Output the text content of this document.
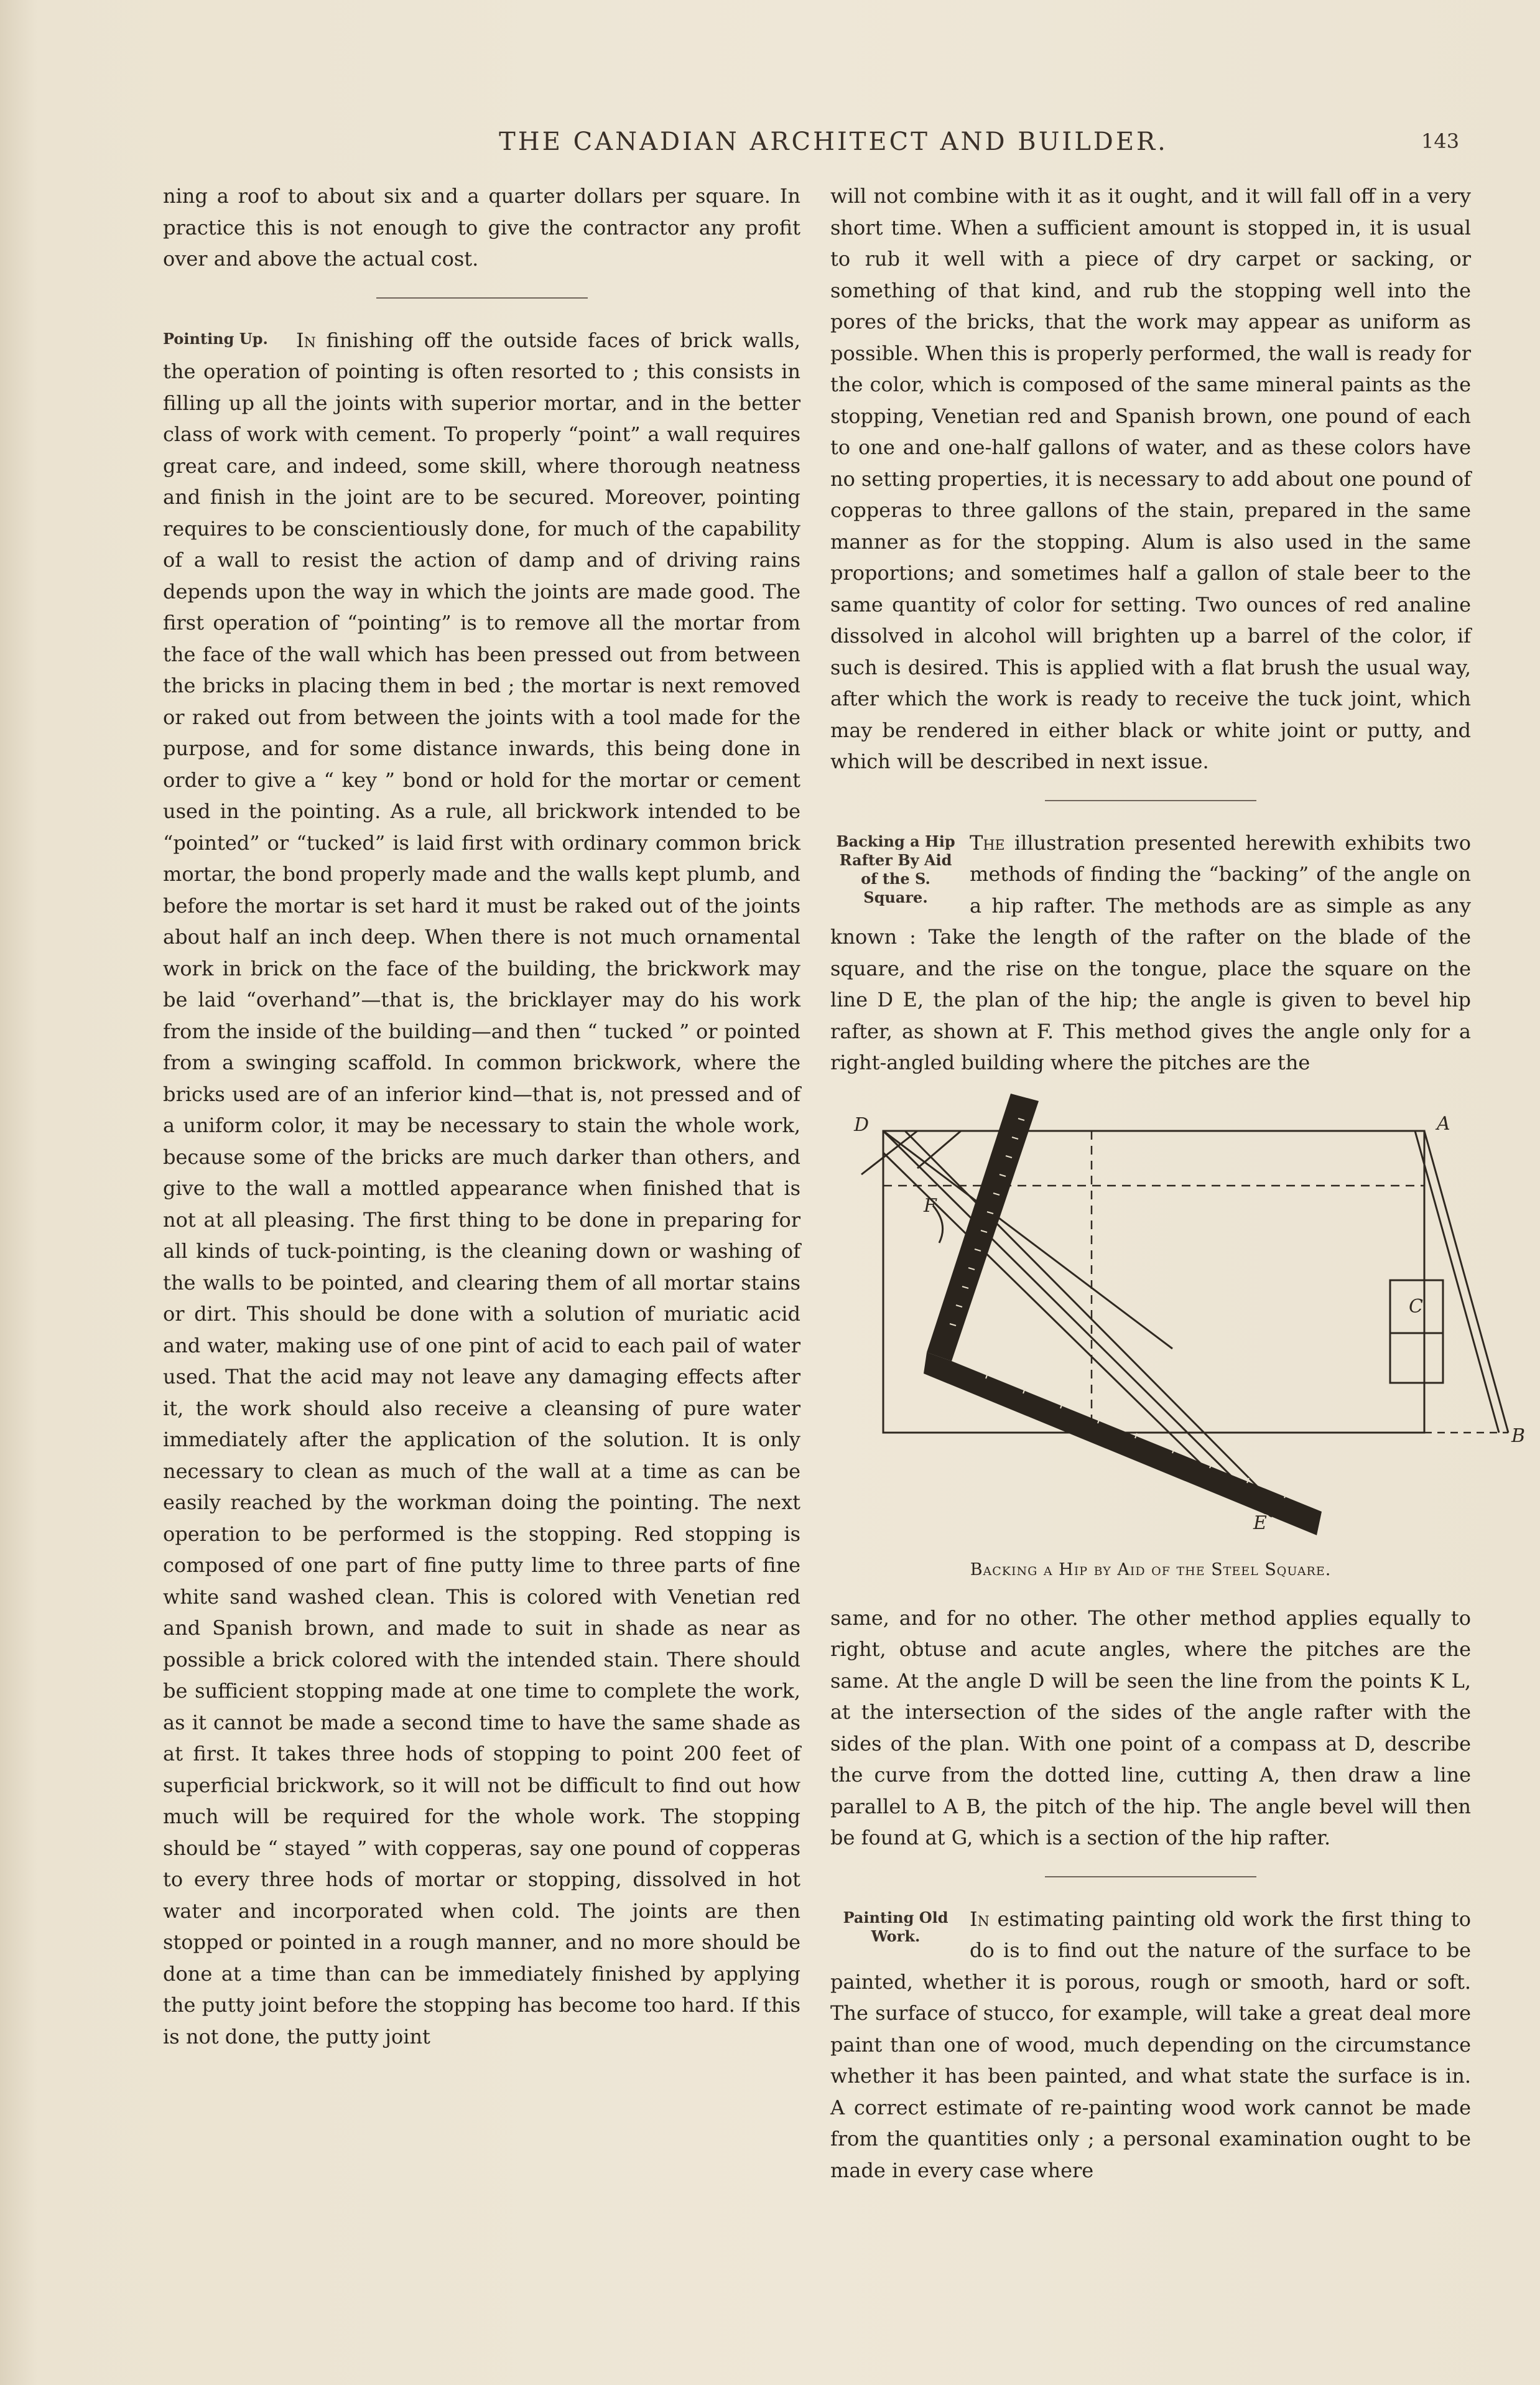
THE CANADIAN ARCHITECT AND BUILDER.	143

ning a roof to about six and a quarter dollars per square. In practice this is not enough to give the contractor any profit over and above the actual cost.

Pointing Up.	In finishing off the outside faces of brick walls, the operation of pointing is often resorted to ; this consists in filling up all the joints with superior mortar, and in the better class of work with cement. To properly “point” a wall requires great care, and indeed, some skill, where thorough neatness and finish in the joint are to be secured. Moreover, pointing requires to be conscientiously done, for much of the capability of a wall to resist the action of damp and of driving rains depends upon the way in which the joints are made good. The first operation of “pointing” is to remove all the mortar from the face of the wall which has been pressed out from between the bricks in placing them in bed ; the mortar is next removed or raked out from between the joints with a tool made for the purpose, and for some distance inwards, this being done in order to give a “ key ” bond or hold for the mortar or cement used in the pointing. As a rule, all brickwork intended to be “pointed” or “tucked” is laid first with ordinary common brick mortar, the bond properly made and the walls kept plumb, and before the mortar is set hard it must be raked out of the joints about half an inch deep. When there is not much ornamental work in brick on the face of the building, the brickwork may be laid “overhand”—that is, the bricklayer may do his work from the inside of the building—and then “ tucked ” or pointed from a swinging scaffold. In common brickwork, where the bricks used are of an inferior kind—that is, not pressed and of a uniform color, it may be necessary to stain the whole work, because some of the bricks are much darker than others, and give to the wall a mottled appearance when finished that is not at all pleasing. The first thing to be done in preparing for all kinds of tuck-pointing, is the cleaning down or washing of the walls to be pointed, and clearing them of all mortar stains or dirt. This should be done with a solution of muriatic acid and water, making use of one pint of acid to each pail of water used. That the acid may not leave any damaging effects after it, the work should also receive a cleansing of pure water immediately after the application of the solution. It is only necessary to clean as much of the wall at a time as can be easily reached by the workman doing the pointing. The next operation to be performed is the stopping. Red stopping is composed of one part of fine putty lime to three parts of fine white sand washed clean. This is colored with Venetian red and Spanish brown, and made to suit in shade as near as possible a brick colored with the intended stain. There should be sufficient stopping made at one time to complete the work, as it cannot be made a second time to have the same shade as at first. It takes three hods of stopping to point 200 feet of superficial brickwork, so it will not be difficult to find out how much will be required for the whole work. The stopping should be “ stayed ” with copperas, say one pound of copperas to every three hods of mortar or stopping, dissolved in hot water and incorporated when cold. The joints are then stopped or pointed in a rough manner, and no more should be done at a time than can be immediately finished by applying the putty joint before the stopping has become too hard. If this is not done, the putty joint

will not combine with it as it ought, and it will fall off in a very short time. When a sufficient amount is stopped in, it is usual to rub it well with a piece of dry carpet or sacking, or something of that kind, and rub the stopping well into the pores of the bricks, that the work may appear as uniform as possible. When this is properly performed, the wall is ready for the color, which is composed of the same mineral paints as the stopping, Venetian red and Spanish brown, one pound of each to one and one-half gallons of water, and as these colors have no setting properties, it is necessary to add about one pound of copperas to three gallons of the stain, prepared in the same manner as for the stopping. Alum is also used in the same proportions; and sometimes half a gallon of stale beer to the same quantity of color for setting. Two ounces of red analine dissolved in alcohol will brighten up a barrel of the color, if such is desired. This is applied with a flat brush the usual way, after which the work is ready to receive the tuck joint, which may be rendered in either black or white joint or putty, and which will be described in next issue.

Backing a Hip Rafter By Aid of the S. Square.
The illustration presented herewith exhibits two methods of finding the “backing” of the angle on a hip rafter. The methods are as simple as any known : Take the length of the rafter on the blade of the square, and the rise on the tongue, place the square on the line D E, the plan of the hip; the angle is given to bevel hip rafter, as shown at F. This method gives the angle only for a right-angled building where the pitches are the

D	A
F
C
B
E
Backing a Hip by Aid of the Steel Square.

same, and for no other. The other method applies equally to right, obtuse and acute angles, where the pitches are the same. At the angle D will be seen the line from the points K L, at the intersection of the sides of the angle rafter with the sides of the plan. With one point of a compass at D, describe the curve from the dotted line, cutting A, then draw a line parallel to A B, the pitch of the hip. The angle bevel will then be found at G, which is a section of the hip rafter.

Painting Old Work.
In estimating painting old work the first thing to do is to find out the nature of the surface to be painted, whether it is porous, rough or smooth, hard or soft. The surface of stucco, for example, will take a great deal more paint than one of wood, much depending on the circumstance whether it has been painted, and what state the surface is in. A correct estimate of re-painting wood work cannot be made from the quantities only ; a personal examination ought to be made in every case where
